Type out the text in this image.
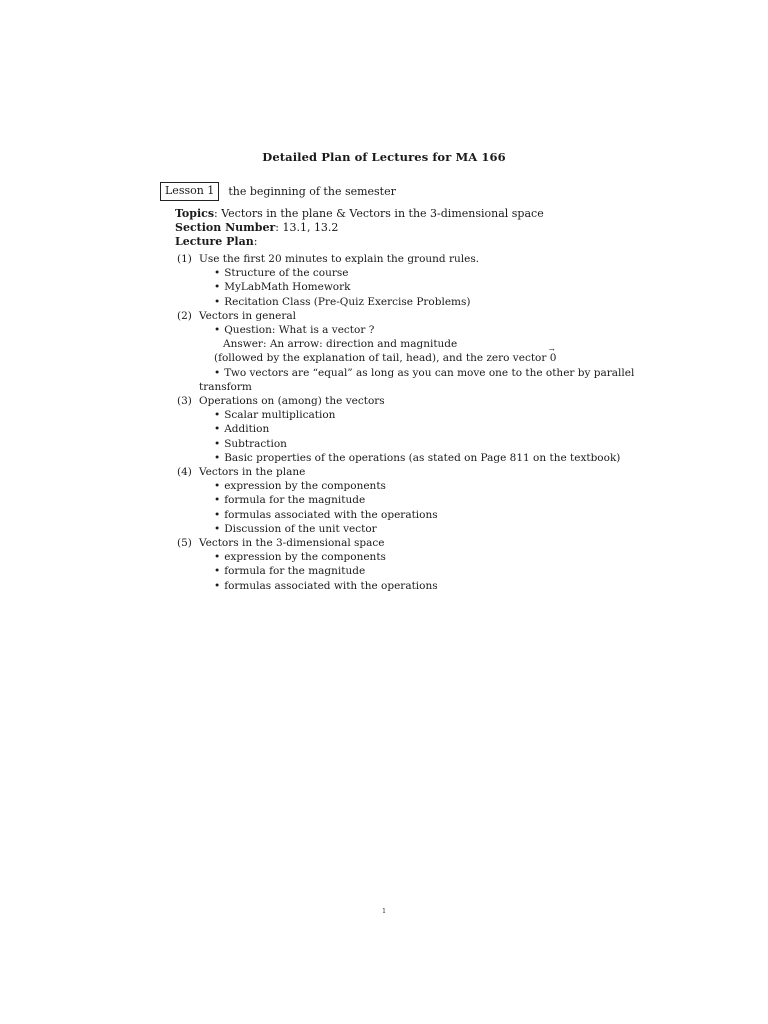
Detailed Plan of Lectures for MA 166
Lesson 1	the beginning of the semester
Topics: Vectors in the plane & Vectors in the 3-dimensional space
Section Number: 13.1, 13.2
Lecture Plan:
(1) Use the first 20 minutes to explain the ground rules.
• Structure of the course
• MyLabMath Homework
• Recitation Class (Pre-Quiz Exercise Problems)
(2) Vectors in general
• Question: What is a vector ?
Answer: An arrow: direction and magnitude
(followed by the explanation of tail, head), and the zero vector → 0
• Two vectors are “equal” as long as you can move one to the other by parallel
transform
(3) Operations on (among) the vectors
• Scalar multiplication
• Addition
• Subtraction
• Basic properties of the operations (as stated on Page 811 on the textbook)
(4) Vectors in the plane
• expression by the components
• formula for the magnitude
• formulas associated with the operations
• Discussion of the unit vector
(5) Vectors in the 3-dimensional space
• expression by the components
• formula for the magnitude
• formulas associated with the operations
1
